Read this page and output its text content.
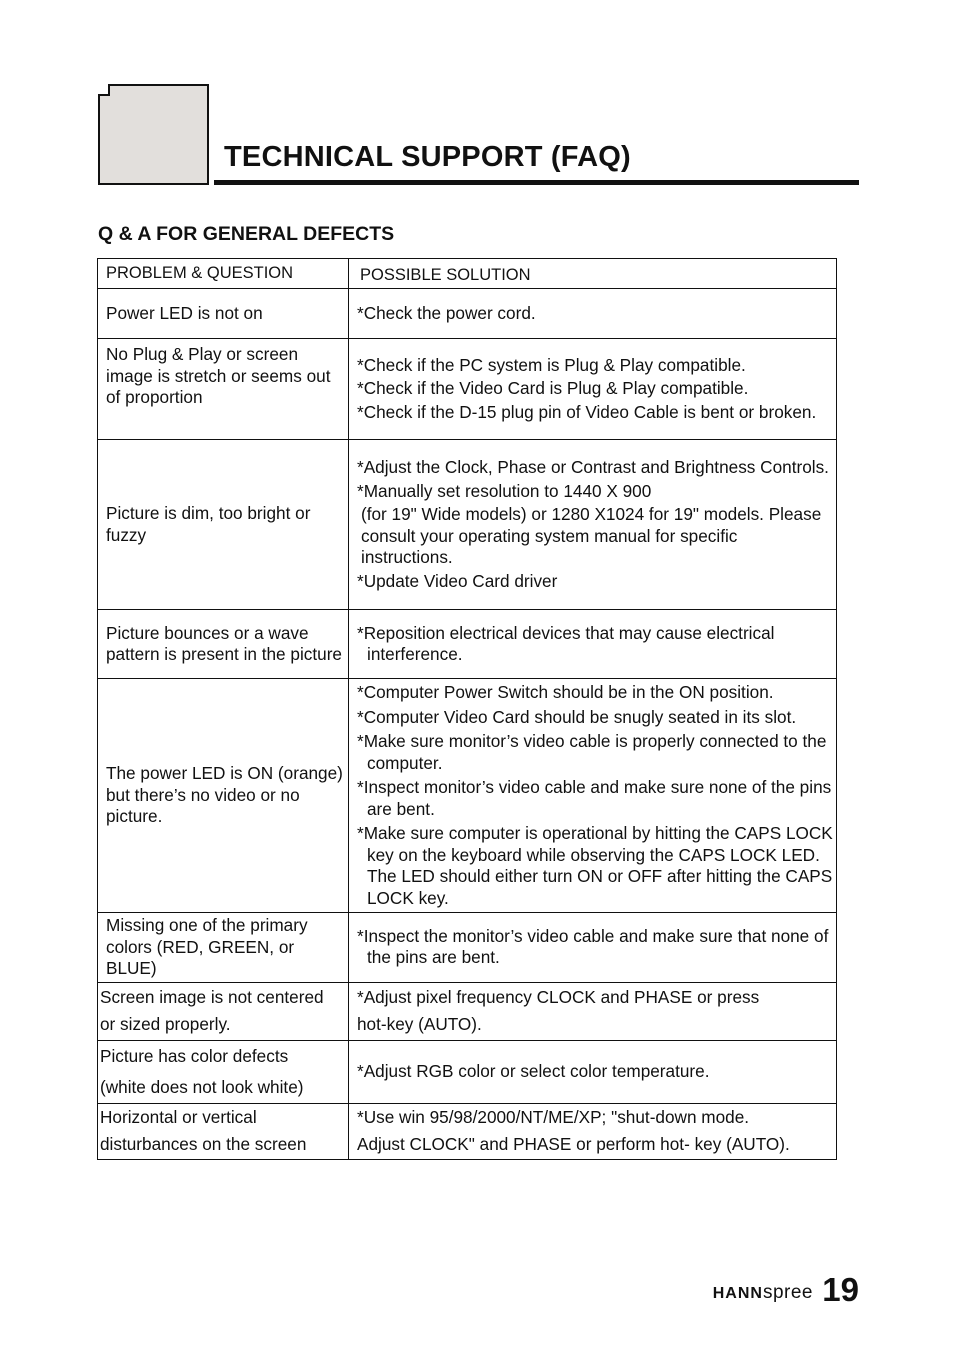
TECHNICAL SUPPORT (FAQ)
Q & A FOR GENERAL DEFECTS
PROBLEM & QUESTION	POSSIBLE SOLUTION

Power LED is not on	*Check the power cord.

No Plug & Play or screen image is stretch or seems out of proportion	*Check if the PC system is Plug & Play compatible.
*Check if the Video Card is Plug & Play compatible.
*Check if the D-15 plug pin of Video Cable is bent or broken.

Picture is dim, too bright or fuzzy	*Adjust the Clock, Phase or Contrast and Brightness Controls.
*Manually set resolution to 1440 X 900
(for 19" Wide models) or 1280 X1024 for 19" models. Please consult your operating system manual for specific instructions.
*Update Video Card driver

Picture bounces or a wave pattern is present in the picture	*Reposition electrical devices that may cause electrical interference.

The power LED is ON (orange) but there’s no video or no picture.	*Computer Power Switch should be in the ON position.
*Computer Video Card should be snugly seated in its slot.
*Make sure monitor’s video cable is properly connected to the computer.
*Inspect monitor’s video cable and make sure none of the pins are bent.
*Make sure computer is operational by hitting the CAPS LOCK key on the keyboard while observing the CAPS LOCK LED. The LED should either turn ON or OFF after hitting the CAPS LOCK key.

Missing one of the primary colors (RED, GREEN, or BLUE)	*Inspect the monitor’s video cable and make sure that none of the pins are bent.

Screen image is not centered
or sized properly.	*Adjust pixel frequency CLOCK and PHASE or press
hot-key (AUTO).

Picture has color defects
(white does not look white)	*Adjust RGB color or select color temperature.

Horizontal or vertical
disturbances on the screen	*Use win 95/98/2000/NT/ME/XP; "shut-down mode.
Adjust CLOCK" and PHASE or perform hot- key (AUTO).
HANNspree 19
